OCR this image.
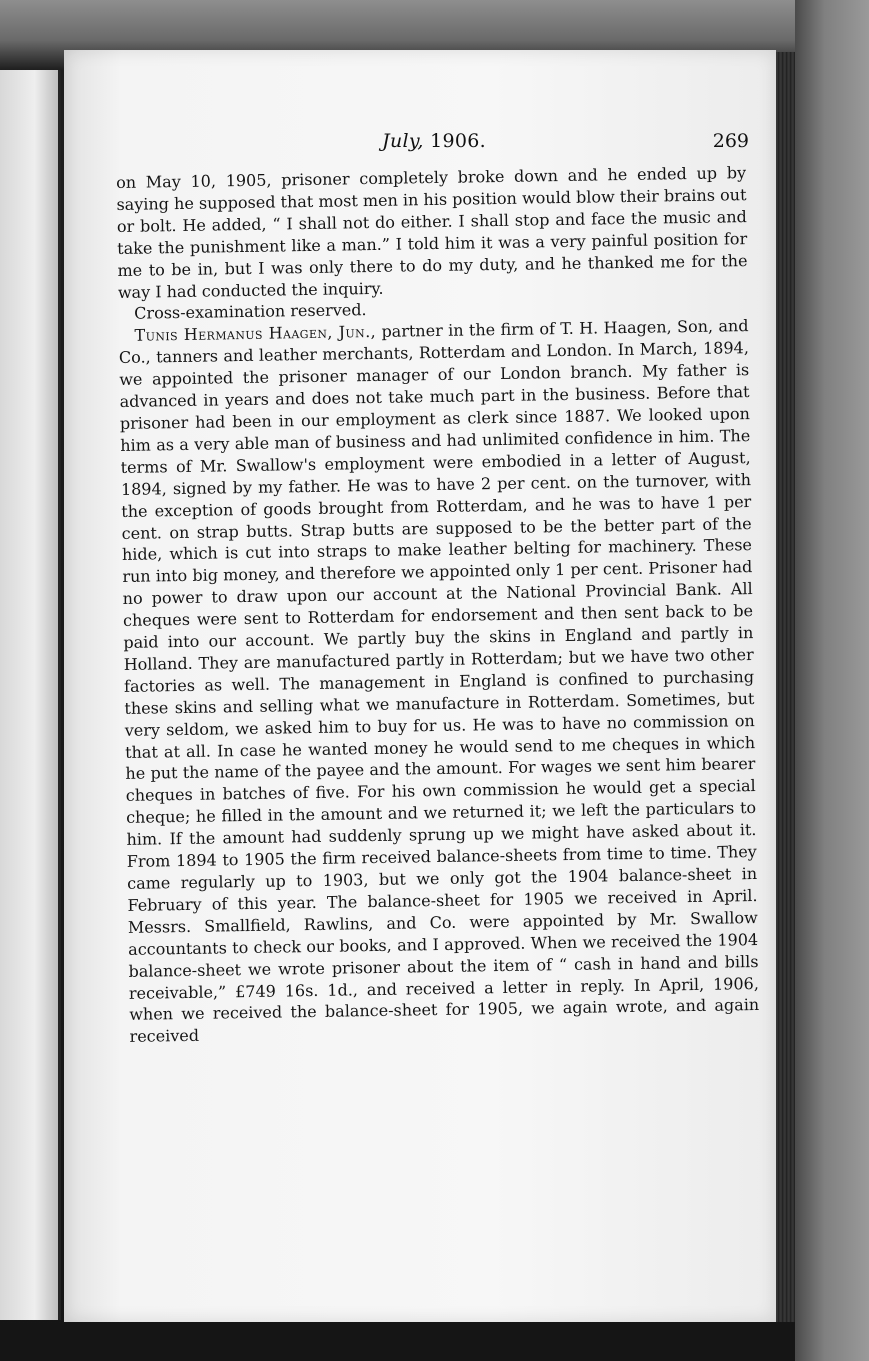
July, 1906.	269

on May 10, 1905, prisoner completely broke down and he ended up by saying he supposed that most men in his position would blow their brains out or bolt. He added, “ I shall not do either. I shall stop and face the music and take the punishment like a man.” I told him it was a very painful position for me to be in, but I was only there to do my duty, and he thanked me for the way I had conducted the inquiry.

Cross-examination reserved.

Tunis Hermanus Haagen, Jun., partner in the firm of T. H. Haagen, Son, and Co., tanners and leather merchants, Rotterdam and London. In March, 1894, we appointed the prisoner manager of our London branch. My father is advanced in years and does not take much part in the business. Before that prisoner had been in our employment as clerk since 1887. We looked upon him as a very able man of business and had unlimited confidence in him. The terms of Mr. Swallow's employment were embodied in a letter of August, 1894, signed by my father. He was to have 2 per cent. on the turnover, with the exception of goods brought from Rotterdam, and he was to have 1 per cent. on strap butts. Strap butts are supposed to be the better part of the hide, which is cut into straps to make leather belting for machinery. These run into big money, and therefore we appointed only 1 per cent. Prisoner had no power to draw upon our account at the National Provincial Bank. All cheques were sent to Rotterdam for endorsement and then sent back to be paid into our account. We partly buy the skins in England and partly in Holland. They are manufactured partly in Rotterdam; but we have two other factories as well. The management in England is confined to purchasing these skins and selling what we manufacture in Rotterdam. Sometimes, but very seldom, we asked him to buy for us. He was to have no commission on that at all. In case he wanted money he would send to me cheques in which he put the name of the payee and the amount. For wages we sent him bearer cheques in batches of five. For his own commission he would get a special cheque; he filled in the amount and we returned it; we left the particulars to him. If the amount had suddenly sprung up we might have asked about it. From 1894 to 1905 the firm received balance-sheets from time to time. They came regularly up to 1903, but we only got the 1904 balance-sheet in February of this year. The balance-sheet for 1905 we received in April. Messrs. Smallfield, Rawlins, and Co. were appointed by Mr. Swallow accountants to check our books, and I approved. When we received the 1904 balance-sheet we wrote prisoner about the item of “ cash in hand and bills receivable,” £749 16s. 1d., and received a letter in reply. In April, 1906, when we received the balance-sheet for 1905, we again wrote, and again received
